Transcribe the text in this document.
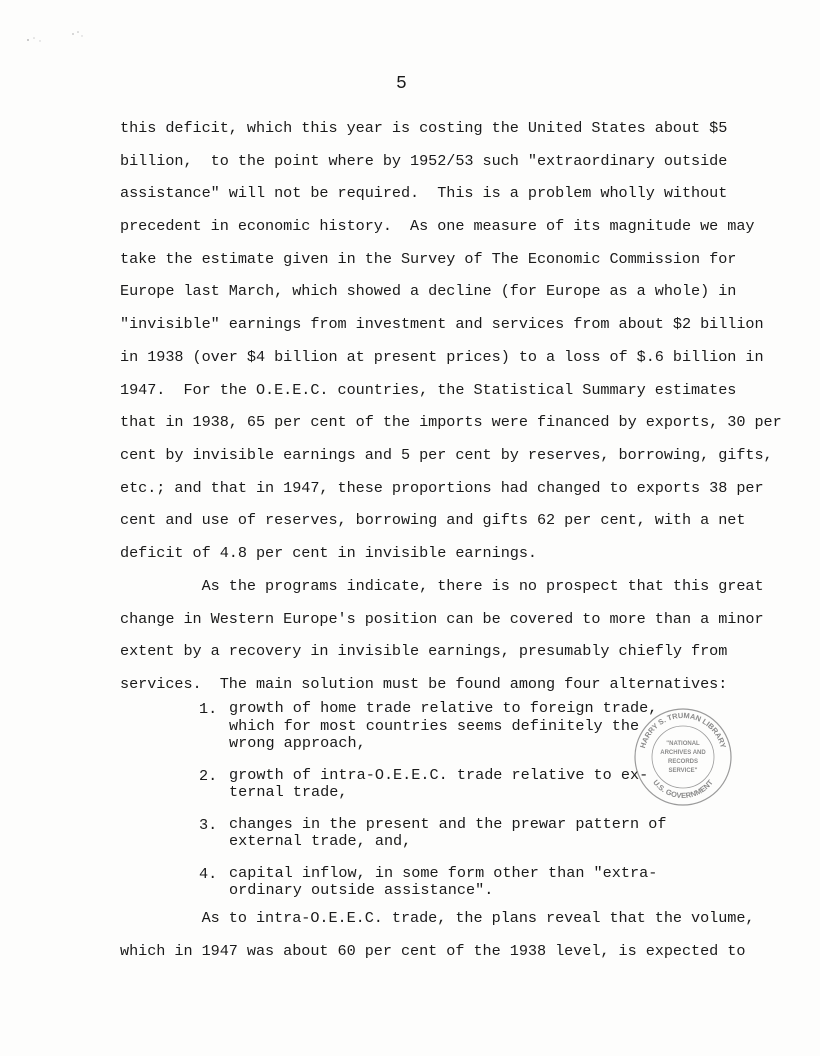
5
this deficit, which this year is costing the United States about $5
billion,  to the point where by 1952/53 such "extraordinary outside
assistance" will not be required.  This is a problem wholly without
precedent in economic history.  As one measure of its magnitude we may
take the estimate given in the Survey of The Economic Commission for
Europe last March, which showed a decline (for Europe as a whole) in
"invisible" earnings from investment and services from about $2 billion
in 1938 (over $4 billion at present prices) to a loss of $.6 billion in
1947.  For the O.E.E.C. countries, the Statistical Summary estimates
that in 1938, 65 per cent of the imports were financed by exports, 30 per
cent by invisible earnings and 5 per cent by reserves, borrowing, gifts,
etc.; and that in 1947, these proportions had changed to exports 38 per
cent and use of reserves, borrowing and gifts 62 per cent, with a net
deficit of 4.8 per cent in invisible earnings.
As the programs indicate, there is no prospect that this great
change in Western Europe's position can be covered to more than a minor
extent by a recovery in invisible earnings, presumably chiefly from
services.  The main solution must be found among four alternatives:
1. growth of home trade relative to foreign trade,
which for most countries seems definitely the
wrong approach,
2. growth of intra-O.E.E.C. trade relative to ex-
ternal trade,
3. changes in the present and the prewar pattern of
external trade, and,
4. capital inflow, in some form other than "extra-
ordinary outside assistance".
As to intra-O.E.E.C. trade, the plans reveal that the volume,
which in 1947 was about 60 per cent of the 1938 level, is expected to
HARRY S. TRUMAN LIBRARY
U.S. GOVERNMENT
"NATIONAL
ARCHIVES AND
RECORDS
SERVICE"
